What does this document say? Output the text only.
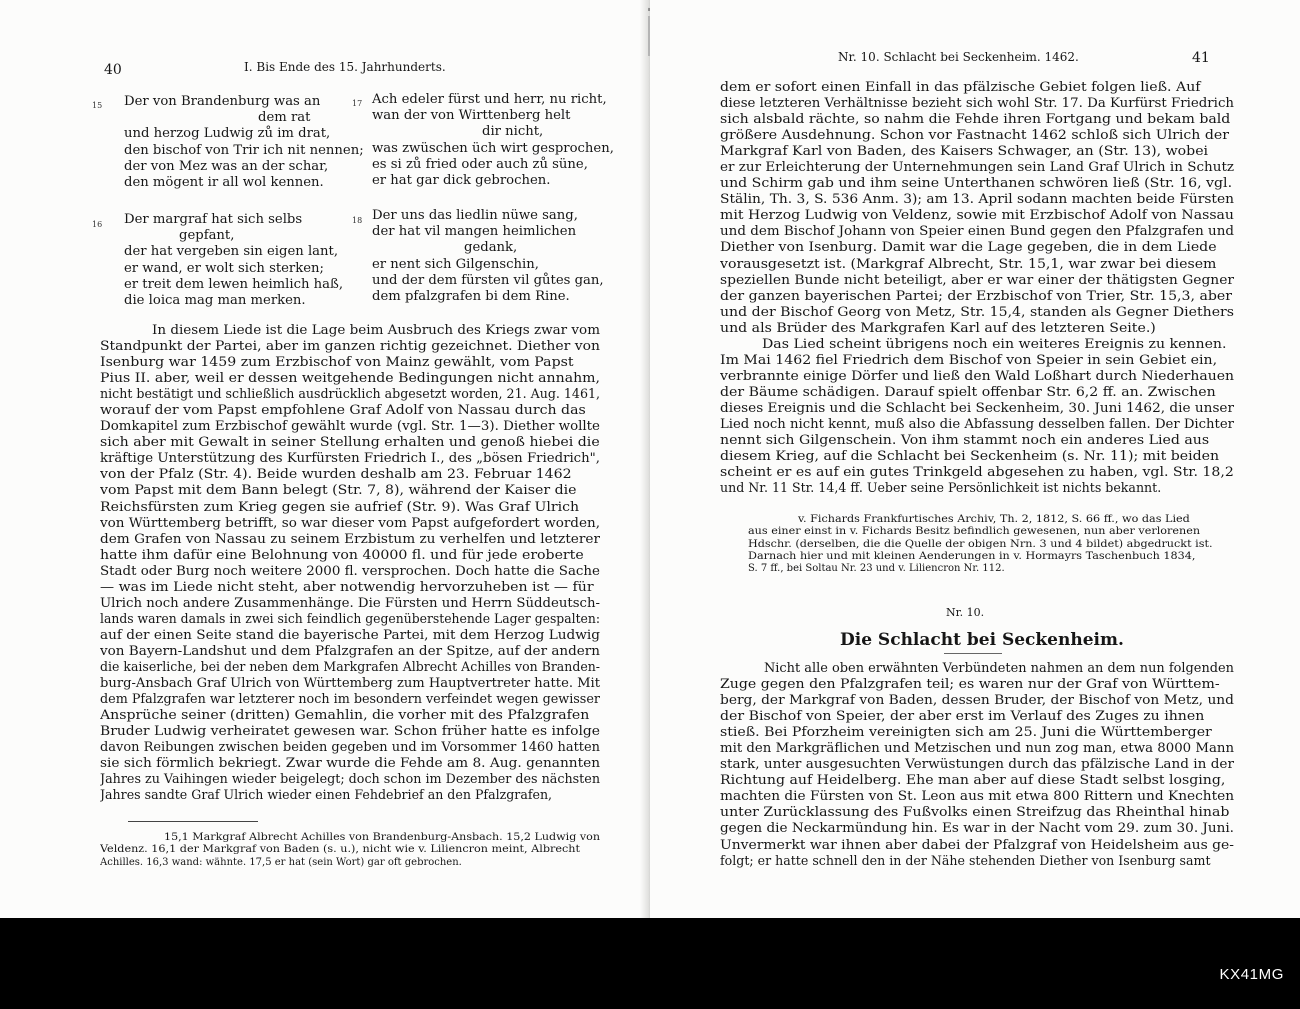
40	I. Bis Ende des 15. Jahrhunderts.
15 Der von Brandenburg was an
dem rat
und herzog Ludwig zů im drat,
den bischof von Trir ich nit nennen;
der von Mez was an der schar,
den mögent ir all wol kennen.
17 Ach edeler fürst und herr, nu richt,
wan der von Wirttenberg helt
dir nicht,
was zwüschen üch wirt gesprochen,
es si zů fried oder auch zů süne,
er hat gar dick gebrochen.
16 Der margraf hat sich selbs
gepfant,
der hat vergeben sin eigen lant,
er wand, er wolt sich sterken;
er treit dem lewen heimlich haß,
die loica mag man merken.
18 Der uns das liedlin nüwe sang,
der hat vil mangen heimlichen
gedank,
er nent sich Gilgenschin,
und der dem fürsten vil gůtes gan,
dem pfalzgrafen bi dem Rine.
In diesem Liede ist die Lage beim Ausbruch des Kriegs zwar vom
Standpunkt der Partei, aber im ganzen richtig gezeichnet. Diether von
Isenburg war 1459 zum Erzbischof von Mainz gewählt, vom Papst
Pius II. aber, weil er dessen weitgehende Bedingungen nicht annahm,
nicht bestätigt und schließlich ausdrücklich abgesetzt worden, 21. Aug. 1461,
worauf der vom Papst empfohlene Graf Adolf von Nassau durch das
Domkapitel zum Erzbischof gewählt wurde (vgl. Str. 1—3). Diether wollte
sich aber mit Gewalt in seiner Stellung erhalten und genoß hiebei die
kräftige Unterstützung des Kurfürsten Friedrich I., des „bösen Friedrich",
von der Pfalz (Str. 4). Beide wurden deshalb am 23. Februar 1462
vom Papst mit dem Bann belegt (Str. 7, 8), während der Kaiser die
Reichsfürsten zum Krieg gegen sie aufrief (Str. 9). Was Graf Ulrich
von Württemberg betrifft, so war dieser vom Papst aufgefordert worden,
dem Grafen von Nassau zu seinem Erzbistum zu verhelfen und letzterer
hatte ihm dafür eine Belohnung von 40000 fl. und für jede eroberte
Stadt oder Burg noch weitere 2000 fl. versprochen. Doch hatte die Sache
— was im Liede nicht steht, aber notwendig hervorzuheben ist — für
Ulrich noch andere Zusammenhänge. Die Fürsten und Herrn Süddeutsch-
lands waren damals in zwei sich feindlich gegenüberstehende Lager gespalten:
auf der einen Seite stand die bayerische Partei, mit dem Herzog Ludwig
von Bayern-Landshut und dem Pfalzgrafen an der Spitze, auf der andern
die kaiserliche, bei der neben dem Markgrafen Albrecht Achilles von Branden-
burg-Ansbach Graf Ulrich von Württemberg zum Hauptvertreter hatte. Mit
dem Pfalzgrafen war letzterer noch im besondern verfeindet wegen gewisser
Ansprüche seiner (dritten) Gemahlin, die vorher mit des Pfalzgrafen
Bruder Ludwig verheiratet gewesen war. Schon früher hatte es infolge
davon Reibungen zwischen beiden gegeben und im Vorsommer 1460 hatten
sie sich förmlich bekriegt. Zwar wurde die Fehde am 8. Aug. genannten
Jahres zu Vaihingen wieder beigelegt; doch schon im Dezember des nächsten
Jahres sandte Graf Ulrich wieder einen Fehdebrief an den Pfalzgrafen,
15,1 Markgraf Albrecht Achilles von Brandenburg-Ansbach. 15,2 Ludwig von
Veldenz. 16,1 der Markgraf von Baden (s. u.), nicht wie v. Liliencron meint, Albrecht
Achilles. 16,3 wand: wähnte. 17,5 er hat (sein Wort) gar oft gebrochen.
Nr. 10. Schlacht bei Seckenheim. 1462.	41
dem er sofort einen Einfall in das pfälzische Gebiet folgen ließ. Auf
diese letzteren Verhältnisse bezieht sich wohl Str. 17. Da Kurfürst Friedrich
sich alsbald rächte, so nahm die Fehde ihren Fortgang und bekam bald
größere Ausdehnung. Schon vor Fastnacht 1462 schloß sich Ulrich der
Markgraf Karl von Baden, des Kaisers Schwager, an (Str. 13), wobei
er zur Erleichterung der Unternehmungen sein Land Graf Ulrich in Schutz
und Schirm gab und ihm seine Unterthanen schwören ließ (Str. 16, vgl.
Stälin, Th. 3, S. 536 Anm. 3); am 13. April sodann machten beide Fürsten
mit Herzog Ludwig von Veldenz, sowie mit Erzbischof Adolf von Nassau
und dem Bischof Johann von Speier einen Bund gegen den Pfalzgrafen und
Diether von Isenburg. Damit war die Lage gegeben, die in dem Liede
vorausgesetzt ist. (Markgraf Albrecht, Str. 15,1, war zwar bei diesem
speziellen Bunde nicht beteiligt, aber er war einer der thätigsten Gegner
der ganzen bayerischen Partei; der Erzbischof von Trier, Str. 15,3, aber
und der Bischof Georg von Metz, Str. 15,4, standen als Gegner Diethers
und als Brüder des Markgrafen Karl auf des letzteren Seite.)
Das Lied scheint übrigens noch ein weiteres Ereignis zu kennen.
Im Mai 1462 fiel Friedrich dem Bischof von Speier in sein Gebiet ein,
verbrannte einige Dörfer und ließ den Wald Loßhart durch Niederhauen
der Bäume schädigen. Darauf spielt offenbar Str. 6,2 ff. an. Zwischen
dieses Ereignis und die Schlacht bei Seckenheim, 30. Juni 1462, die unser
Lied noch nicht kennt, muß also die Abfassung desselben fallen. Der Dichter
nennt sich Gilgenschein. Von ihm stammt noch ein anderes Lied aus
diesem Krieg, auf die Schlacht bei Seckenheim (s. Nr. 11); mit beiden
scheint er es auf ein gutes Trinkgeld abgesehen zu haben, vgl. Str. 18,2
und Nr. 11 Str. 14,4 ff. Ueber seine Persönlichkeit ist nichts bekannt.
v. Fichards Frankfurtisches Archiv, Th. 2, 1812, S. 66 ff., wo das Lied
aus einer einst in v. Fichards Besitz befindlich gewesenen, nun aber verlorenen
Hdschr. (derselben, die die Quelle der obigen Nrn. 3 und 4 bildet) abgedruckt ist.
Darnach hier und mit kleinen Aenderungen in v. Hormayrs Taschenbuch 1834,
S. 7 ff., bei Soltau Nr. 23 und v. Liliencron Nr. 112.
Nr. 10.
Die Schlacht bei Seckenheim.
Nicht alle oben erwähnten Verbündeten nahmen an dem nun folgenden
Zuge gegen den Pfalzgrafen teil; es waren nur der Graf von Württem-
berg, der Markgraf von Baden, dessen Bruder, der Bischof von Metz, und
der Bischof von Speier, der aber erst im Verlauf des Zuges zu ihnen
stieß. Bei Pforzheim vereinigten sich am 25. Juni die Württemberger
mit den Markgräflichen und Metzischen und nun zog man, etwa 8000 Mann
stark, unter ausgesuchten Verwüstungen durch das pfälzische Land in der
Richtung auf Heidelberg. Ehe man aber auf diese Stadt selbst losging,
machten die Fürsten von St. Leon aus mit etwa 800 Rittern und Knechten
unter Zurücklassung des Fußvolks einen Streifzug das Rheinthal hinab
gegen die Neckarmündung hin. Es war in der Nacht vom 29. zum 30. Juni.
Unvermerkt war ihnen aber dabei der Pfalzgraf von Heidelsheim aus ge-
folgt; er hatte schnell den in der Nähe stehenden Diether von Isenburg samt
KX41MG
